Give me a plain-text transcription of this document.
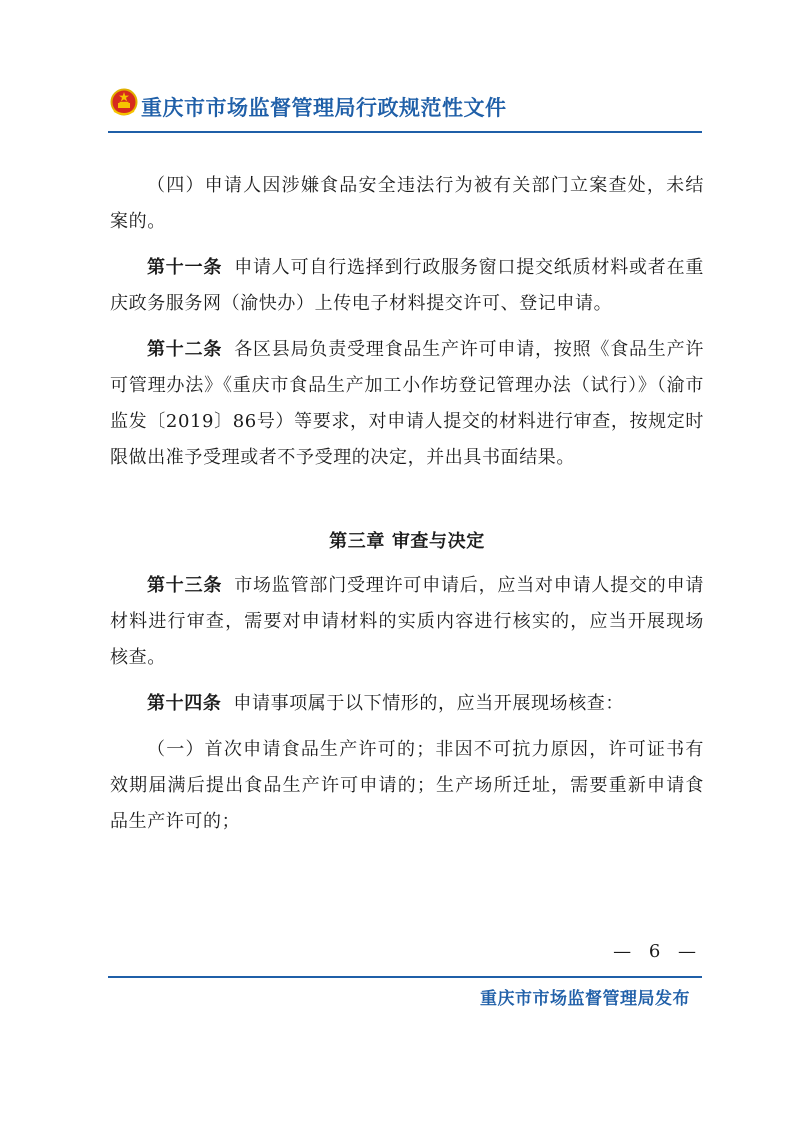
重庆市市场监督管理局行政规范性文件

（四）申请人因涉嫌食品安全违法行为被有关部门立案查处，未结案的。

第十一条 申请人可自行选择到行政服务窗口提交纸质材料或者在重庆政务服务网（渝快办）上传电子材料提交许可、登记申请。

第十二条 各区县局负责受理食品生产许可申请，按照《食品生产许可管理办法》《重庆市食品生产加工小作坊登记管理办法（试行）》（渝市监发〔2019〕86号）等要求，对申请人提交的材料进行审查，按规定时限做出准予受理或者不予受理的决定，并出具书面结果。

第三章 审查与决定

第十三条 市场监管部门受理许可申请后，应当对申请人提交的申请材料进行审查，需要对申请材料的实质内容进行核实的，应当开展现场核查。

第十四条 申请事项属于以下情形的，应当开展现场核查：

（一）首次申请食品生产许可的；非因不可抗力原因，许可证书有效期届满后提出食品生产许可申请的；生产场所迁址，需要重新申请食品生产许可的；

— 6 —
重庆市市场监督管理局发布
